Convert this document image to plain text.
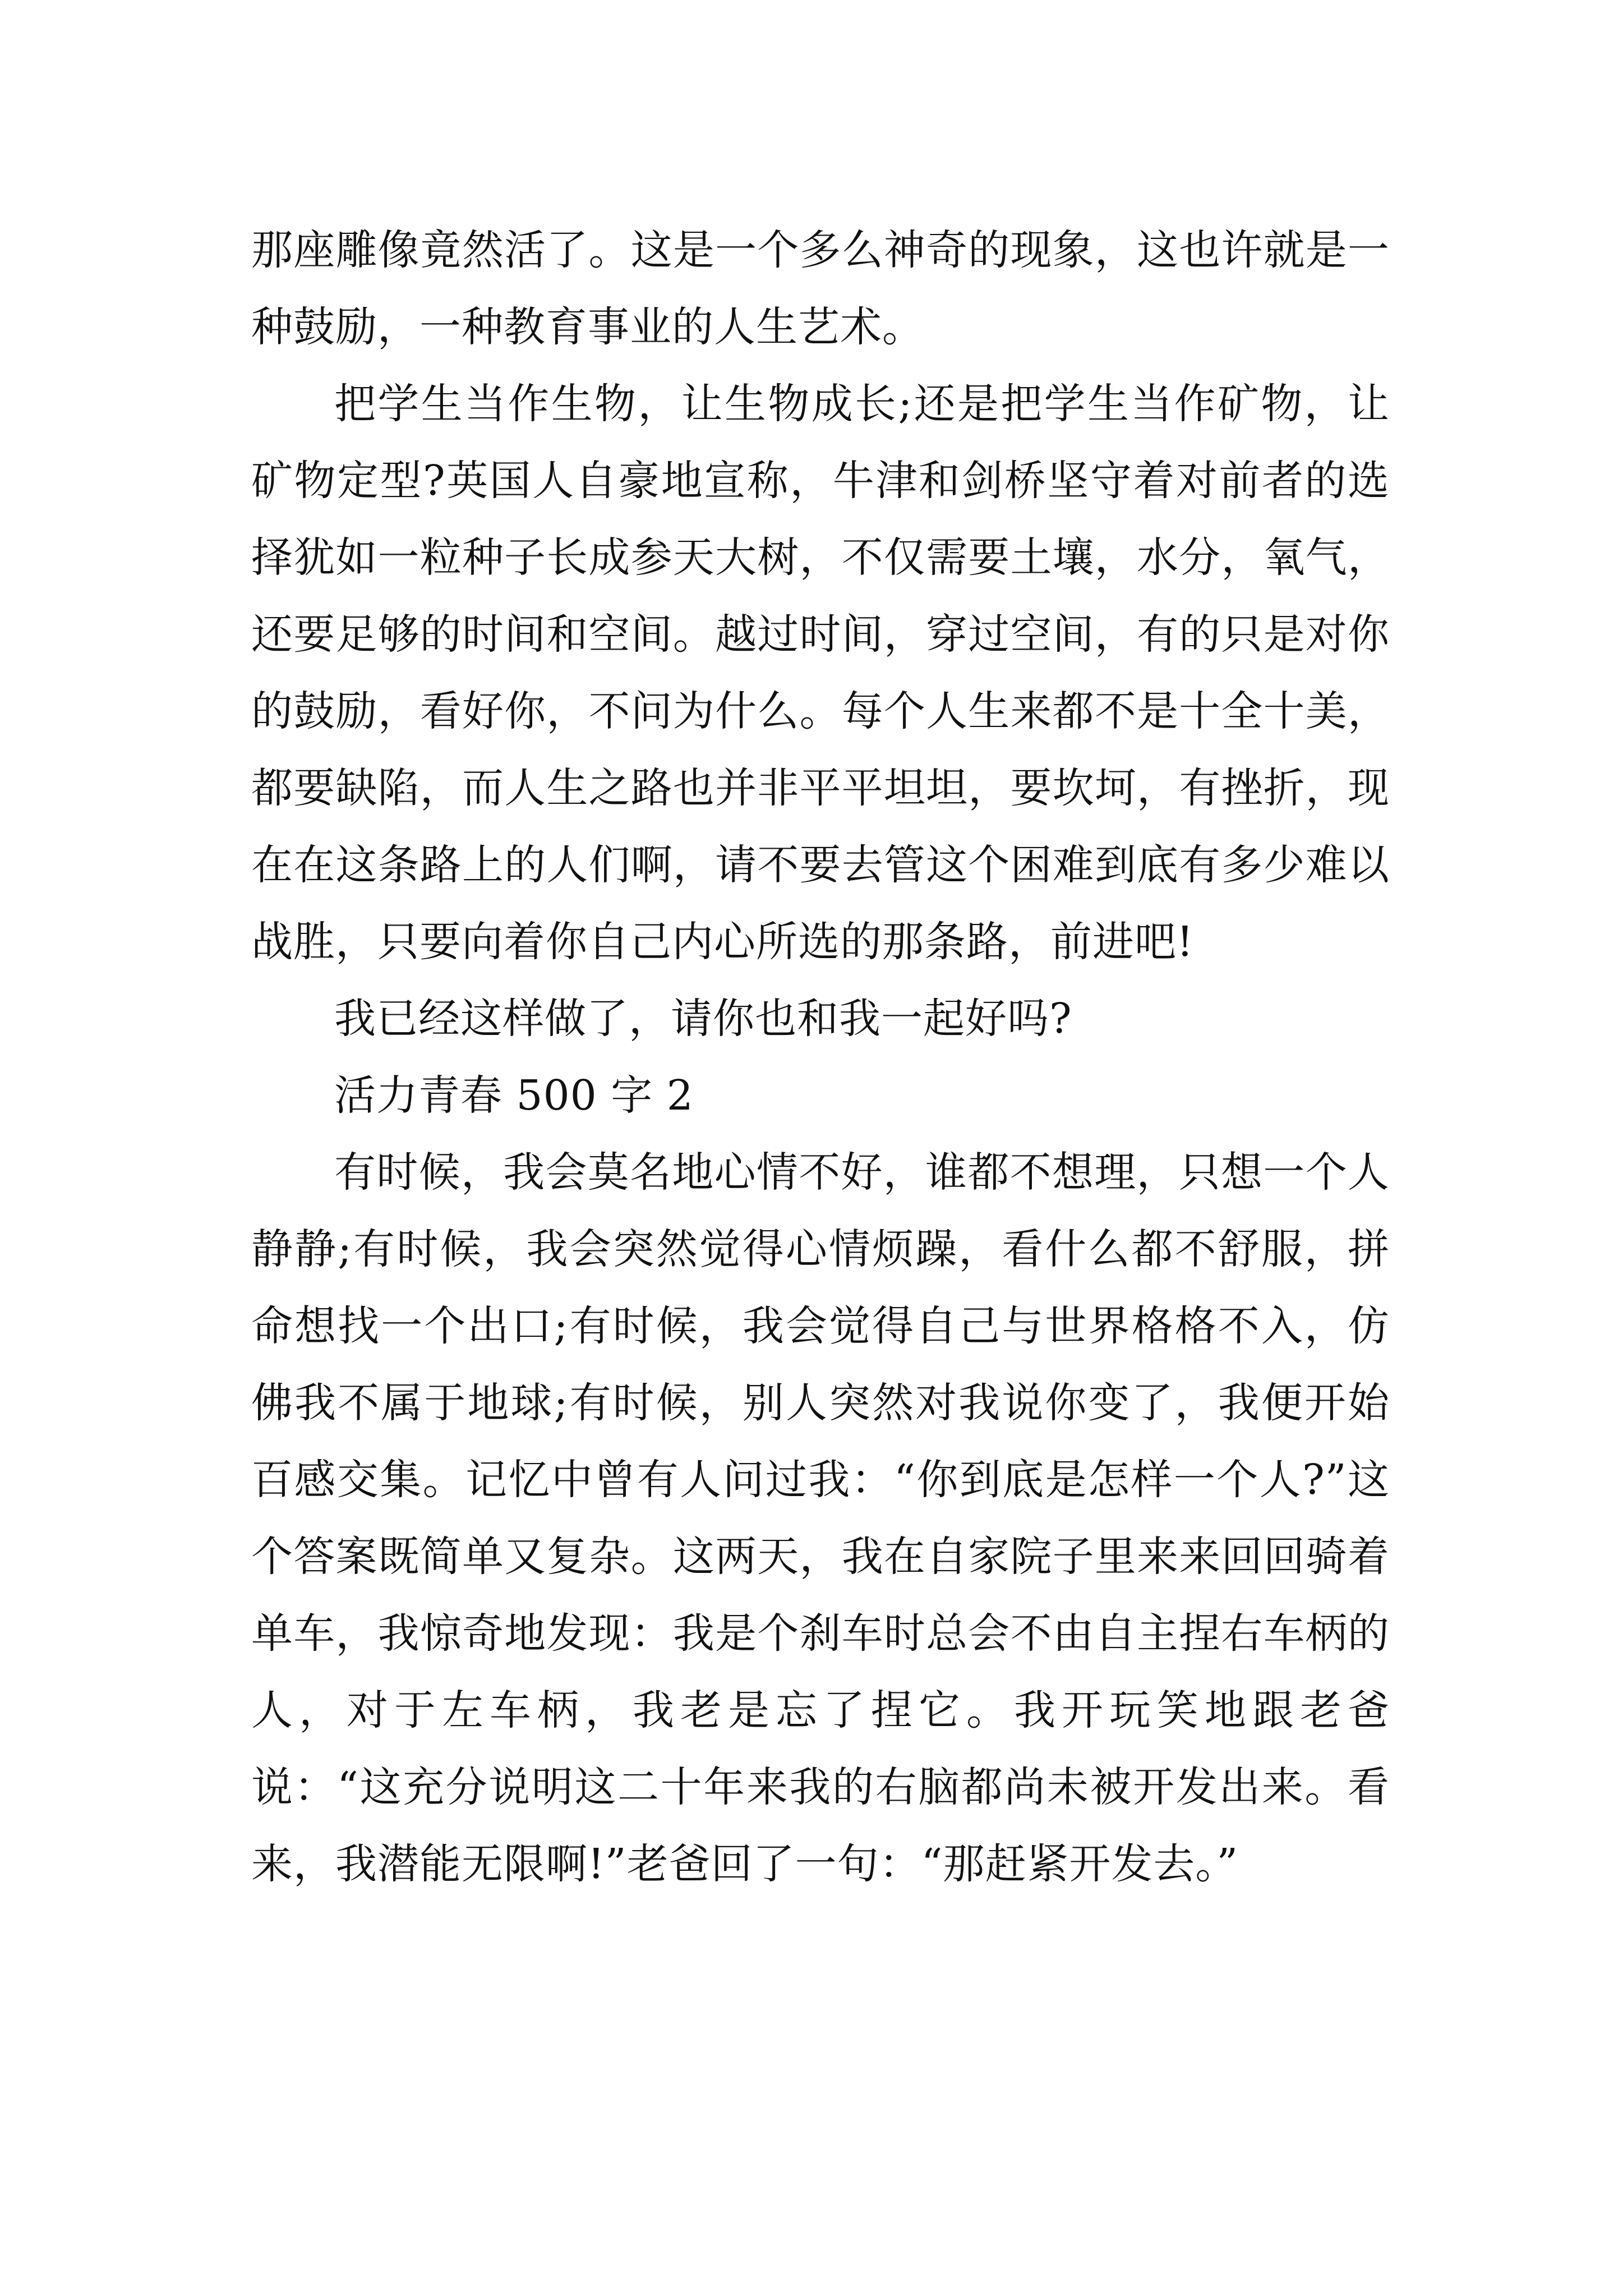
那座雕像竟然活了。这是一个多么神奇的现象，这也许就是一种鼓励，一种教育事业的人生艺术。

把学生当作生物，让生物成长;还是把学生当作矿物，让矿物定型?英国人自豪地宣称，牛津和剑桥坚守着对前者的选择犹如一粒种子长成参天大树，不仅需要土壤，水分，氧气，还要足够的时间和空间。越过时间，穿过空间，有的只是对你的鼓励，看好你，不问为什么。每个人生来都不是十全十美，都要缺陷，而人生之路也并非平平坦坦，要坎坷，有挫折，现在在这条路上的人们啊，请不要去管这个困难到底有多少难以战胜，只要向着你自己内心所选的那条路，前进吧!

我已经这样做了，请你也和我一起好吗?

活力青春 500 字 2

有时候，我会莫名地心情不好，谁都不想理，只想一个人静静;有时候，我会突然觉得心情烦躁，看什么都不舒服，拼命想找一个出口;有时候，我会觉得自己与世界格格不入，仿佛我不属于地球;有时候，别人突然对我说你变了，我便开始百感交集。记忆中曾有人问过我：“你到底是怎样一个人?”这个答案既简单又复杂。这两天，我在自家院子里来来回回骑着单车，我惊奇地发现：我是个刹车时总会不由自主捏右车柄的人，对于左车柄，我老是忘了捏它。我开玩笑地跟老爸说：“这充分说明这二十年来我的右脑都尚未被开发出来。看来，我潜能无限啊!”老爸回了一句：“那赶紧开发去。”
